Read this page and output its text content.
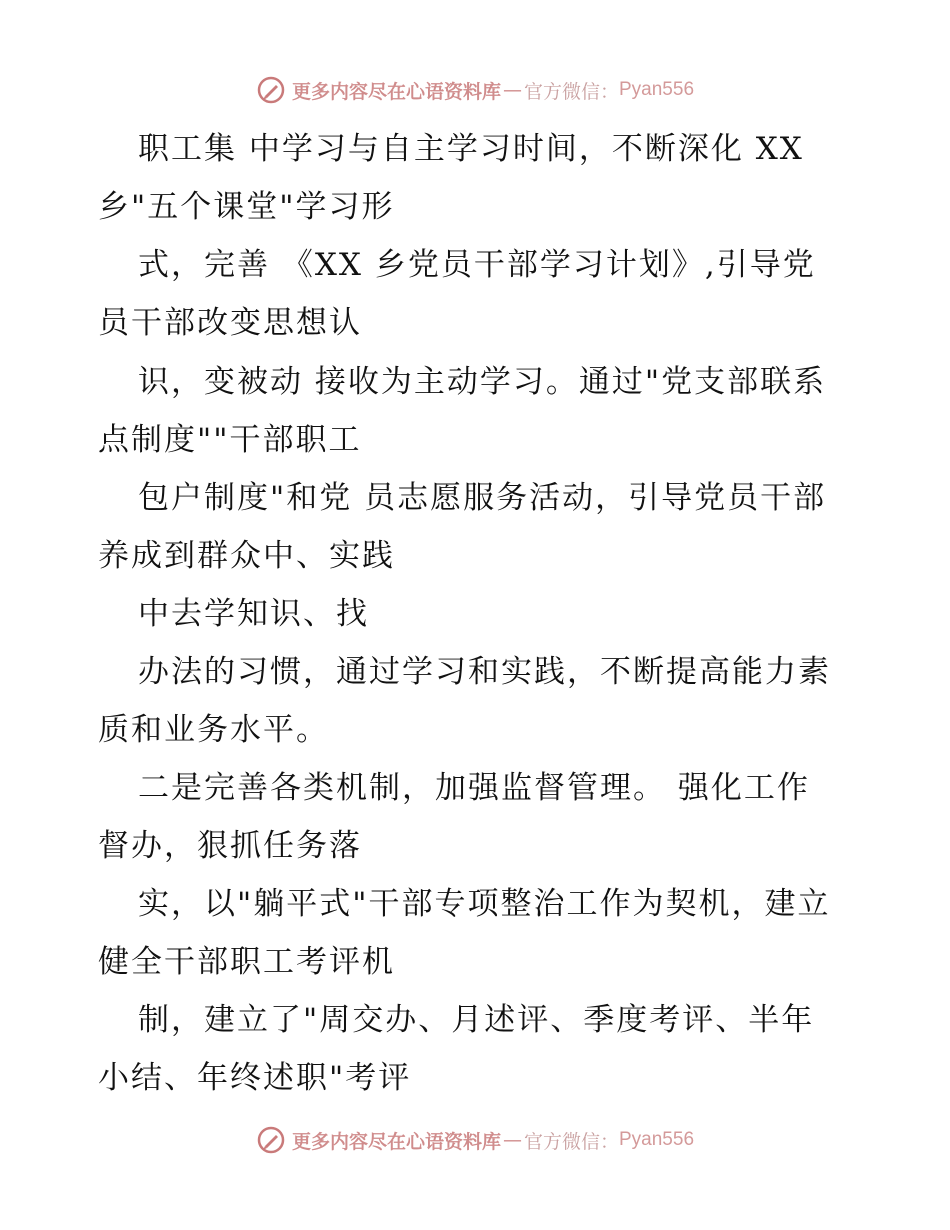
更多内容尽在心语资料库 — 官方微信： Pyan556
职工集 中学习与自主学习时间，不断深化 XX
乡"五个课堂"学习形
式，完善 《XX 乡党员干部学习计划》,引导党
员干部改变思想认
识，变被动 接收为主动学习。通过"党支部联系
点制度""干部职工
包户制度"和党 员志愿服务活动，引导党员干部
养成到群众中、实践
中去学知识、找
办法的习惯，通过学习和实践，不断提高能力素
质和业务水平。
二是完善各类机制，加强监督管理。 强化工作
督办，狠抓任务落
实，以"躺平式"干部专项整治工作为契机，建立
健全干部职工考评机
制，建立了"周交办、月述评、季度考评、半年
小结、年终述职"考评
更多内容尽在心语资料库 — 官方微信： Pyan556
